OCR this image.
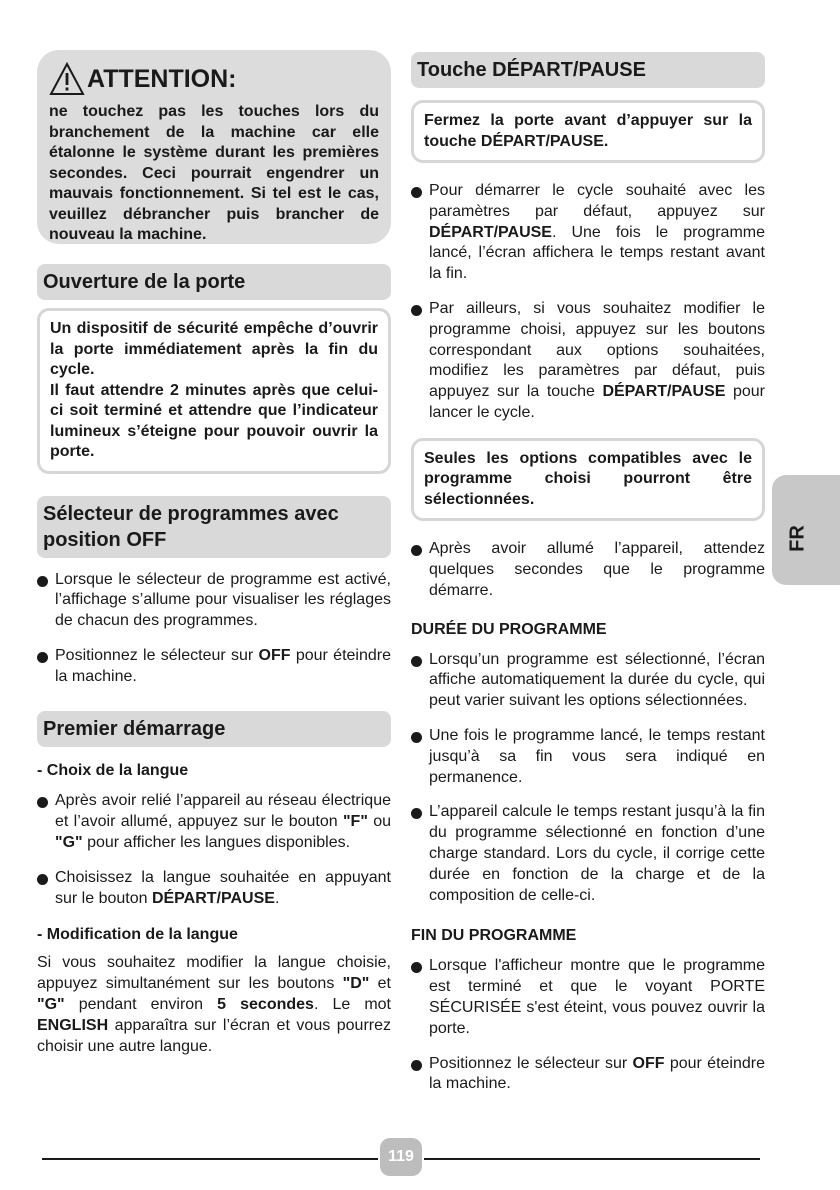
ATTENTION:
ne touchez pas les touches lors du branchement de la machine car elle étalonne le système durant les premières secondes. Ceci pourrait engendrer un mauvais fonctionnement. Si tel est le cas, veuillez débrancher puis brancher de nouveau la machine.
Ouverture de la porte
Un dispositif de sécurité empêche d’ouvrir la porte immédiatement après la fin du cycle.
Il faut attendre 2 minutes après que celui-ci soit terminé et attendre que l’indicateur lumineux s’éteigne pour pouvoir ouvrir la porte.
Sélecteur de programmes avec position OFF
Lorsque le sélecteur de programme est activé, l’affichage s’allume pour visualiser les réglages de chacun des programmes.
Positionnez le sélecteur sur OFF pour éteindre la machine.
Premier démarrage
- Choix de la langue
Après avoir relié l’appareil au réseau électrique et l’avoir allumé, appuyez sur le bouton "F" ou "G" pour afficher les langues disponibles.
Choisissez la langue souhaitée en appuyant sur le bouton DÉPART/PAUSE.
- Modification de la langue
Si vous souhaitez modifier la langue choisie, appuyez simultanément sur les boutons "D" et "G" pendant environ 5 secondes. Le mot ENGLISH apparaîtra sur l’écran et vous pourrez choisir une autre langue.
Touche DÉPART/PAUSE
Fermez la porte avant d’appuyer sur la touche DÉPART/PAUSE.
Pour démarrer le cycle souhaité avec les paramètres par défaut, appuyez sur DÉPART/PAUSE. Une fois le programme lancé, l’écran affichera le temps restant avant la fin.
Par ailleurs, si vous souhaitez modifier le programme choisi, appuyez sur les boutons correspondant aux options souhaitées, modifiez les paramètres par défaut, puis appuyez sur la touche DÉPART/PAUSE pour lancer le cycle.
Seules les options compatibles avec le programme choisi pourront être sélectionnées.
Après avoir allumé l’appareil, attendez quelques secondes que le programme démarre.
DURÉE DU PROGRAMME
Lorsqu’un programme est sélectionné, l’écran affiche automatiquement la durée du cycle, qui peut varier suivant les options sélectionnées.
Une fois le programme lancé, le temps restant jusqu’à sa fin vous sera indiqué en permanence.
L’appareil calcule le temps restant jusqu’à la fin du programme sélectionné en fonction d’une charge standard. Lors du cycle, il corrige cette durée en fonction de la charge et de la composition de celle-ci.
FIN DU PROGRAMME
Lorsque l'afficheur montre que le programme est terminé et que le voyant PORTE SÉCURISÉE s'est éteint, vous pouvez ouvrir la porte.
Positionnez le sélecteur sur OFF pour éteindre la machine.
FR
119
